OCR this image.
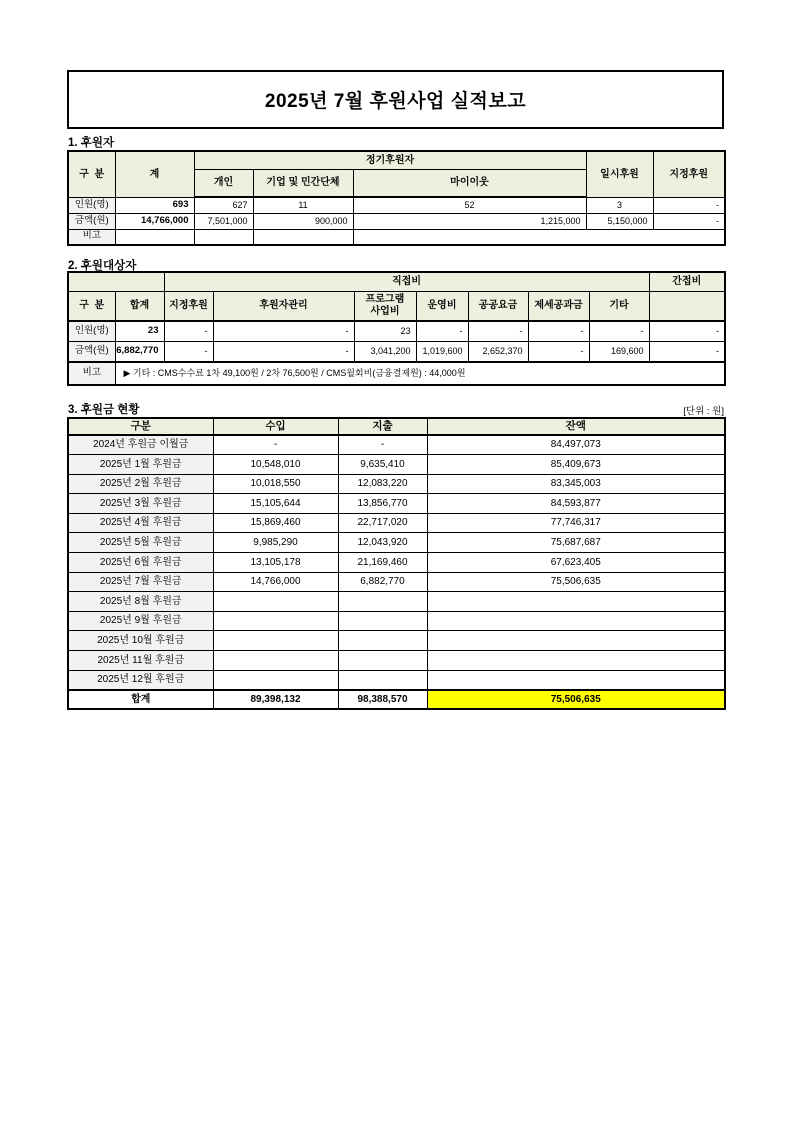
2025년 7월 후원사업 실적보고
1. 후원자
구  분	계	정기후원자			일시후원	지정후원
		개인	기업 및 민간단체	마이이웃		
인원(명)	693	627	11	52	3	-
금액(원)	14,766,000	7,501,000	900,000	1,215,000	5,150,000	-
비고						
2. 후원대상자
		직접비							간접비
구  분	합계	지정후원	후원자관리	프로그램 사업비	운영비	공공요금	제세공과금	기타	
인원(명)	23	-	-	23	-	-	-	-	-
금액(원)	6,882,770	-	-	3,041,200	1,019,600	2,652,370	-	169,600	-
비고	▶ 기타 : CMS수수료 1차 49,100원 / 2차 76,500원 / CMS월회비(금융결제원) : 44,000원								
3. 후원금 현황	[단위 : 원]
구분	수입	지출	잔액
2024년 후원금 이월금	-	-	84,497,073
2025년 1월 후원금	10,548,010	9,635,410	85,409,673
2025년 2월 후원금	10,018,550	12,083,220	83,345,003
2025년 3월 후원금	15,105,644	13,856,770	84,593,877
2025년 4월 후원금	15,869,460	22,717,020	77,746,317
2025년 5월 후원금	9,985,290	12,043,920	75,687,687
2025년 6월 후원금	13,105,178	21,169,460	67,623,405
2025년 7월 후원금	14,766,000	6,882,770	75,506,635
2025년 8월 후원금			
2025년 9월 후원금			
2025년 10월 후원금			
2025년 11월 후원금			
2025년 12월 후원금			
합계	89,398,132	98,388,570	75,506,635
